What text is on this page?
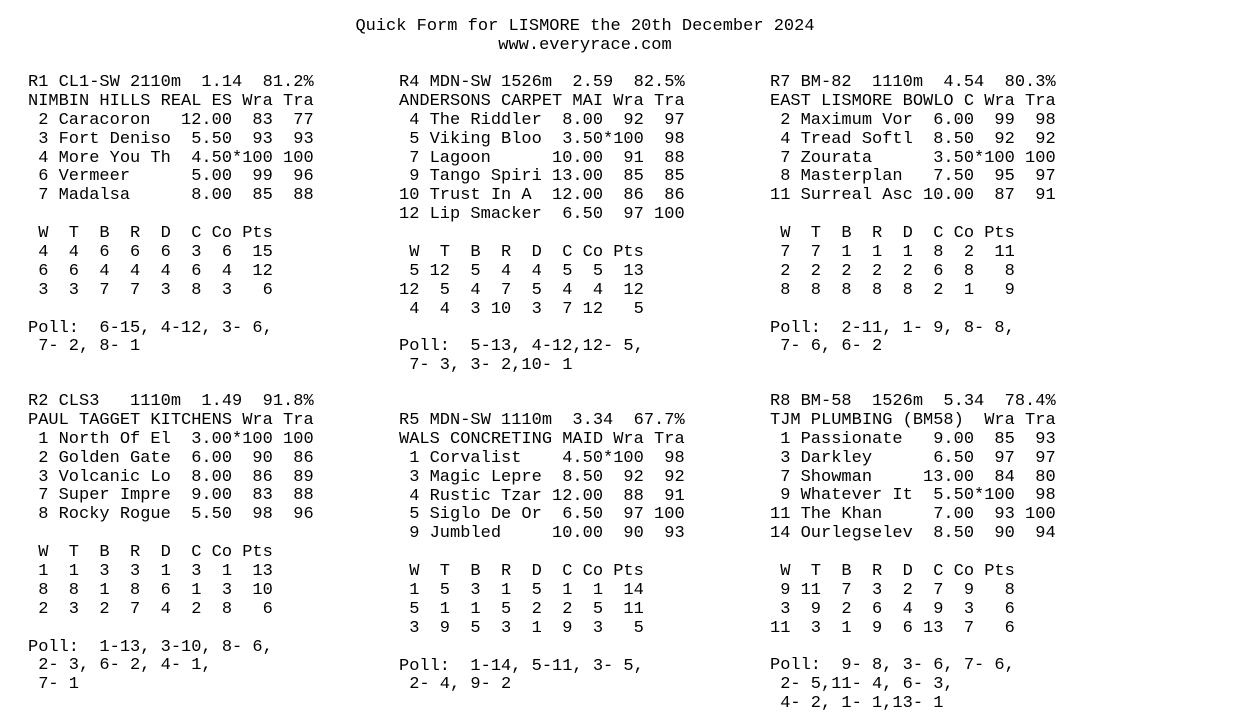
Quick Form for LISMORE the 20th December 2024
www.everyrace.com

R1 CL1-SW 2110m  1.14  81.2%
NIMBIN HILLS REAL ES Wra Tra
2 Caracoron   12.00  83  77
3 Fort Deniso  5.50  93  93
4 More You Th  4.50*100 100
6 Vermeer      5.00  99  96
7 Madalsa      8.00  85  88
W  T  B  R  D  C Co Pts
4  4  6  6  6  3  6  15
6  6  4  4  4  6  4  12
3  3  7  7  3  8  3   6
Poll:  6-15, 4-12, 3- 6,
7- 2, 8- 1

R2 CLS3   1110m  1.49  91.8%
PAUL TAGGET KITCHENS Wra Tra
1 North Of El  3.00*100 100
2 Golden Gate  6.00  90  86
3 Volcanic Lo  8.00  86  89
7 Super Impre  9.00  83  88
8 Rocky Rogue  5.50  98  96
W  T  B  R  D  C Co Pts
1  1  3  3  1  3  1  13
8  8  1  8  6  1  3  10
2  3  2  7  4  2  8   6
Poll:  1-13, 3-10, 8- 6,
2- 3, 6- 2, 4- 1,
7- 1

R4 MDN-SW 1526m  2.59  82.5%
ANDERSONS CARPET MAI Wra Tra
4 The Riddler  8.00  92  97
5 Viking Bloo  3.50*100  98
7 Lagoon      10.00  91  88
9 Tango Spiri 13.00  85  85
10 Trust In A  12.00  86  86
12 Lip Smacker  6.50  97 100
W  T  B  R  D  C Co Pts
5 12  5  4  4  5  5  13
12  5  4  7  5  4  4  12
4  4  3 10  3  7 12   5
Poll:  5-13, 4-12,12- 5,
7- 3, 3- 2,10- 1

R5 MDN-SW 1110m  3.34  67.7%
WALS CONCRETING MAID Wra Tra
1 Corvalist    4.50*100  98
3 Magic Lepre  8.50  92  92
4 Rustic Tzar 12.00  88  91
5 Siglo De Or  6.50  97 100
9 Jumbled     10.00  90  93
W  T  B  R  D  C Co Pts
1  5  3  1  5  1  1  14
5  1  1  5  2  2  5  11
3  9  5  3  1  9  3   5
Poll:  1-14, 5-11, 3- 5,
2- 4, 9- 2

R7 BM-82  1110m  4.54  80.3%
EAST LISMORE BOWLO C Wra Tra
2 Maximum Vor  6.00  99  98
4 Tread Softl  8.50  92  92
7 Zourata      3.50*100 100
8 Masterplan   7.50  95  97
11 Surreal Asc 10.00  87  91
W  T  B  R  D  C Co Pts
7  7  1  1  1  8  2  11
2  2  2  2  2  6  8   8
8  8  8  8  8  2  1   9
Poll:  2-11, 1- 9, 8- 8,
7- 6, 6- 2

R8 BM-58  1526m  5.34  78.4%
TJM PLUMBING (BM58)  Wra Tra
1 Passionate   9.00  85  93
3 Darkley      6.50  97  97
7 Showman     13.00  84  80
9 Whatever It  5.50*100  98
11 The Khan     7.00  93 100
14 Ourlegselev  8.50  90  94
W  T  B  R  D  C Co Pts
9 11  7  3  2  7  9   8
3  9  2  6  4  9  3   6
11  3  1  9  6 13  7   6
Poll:  9- 8, 3- 6, 7- 6,
2- 5,11- 4, 6- 3,
4- 2, 1- 1,13- 1
